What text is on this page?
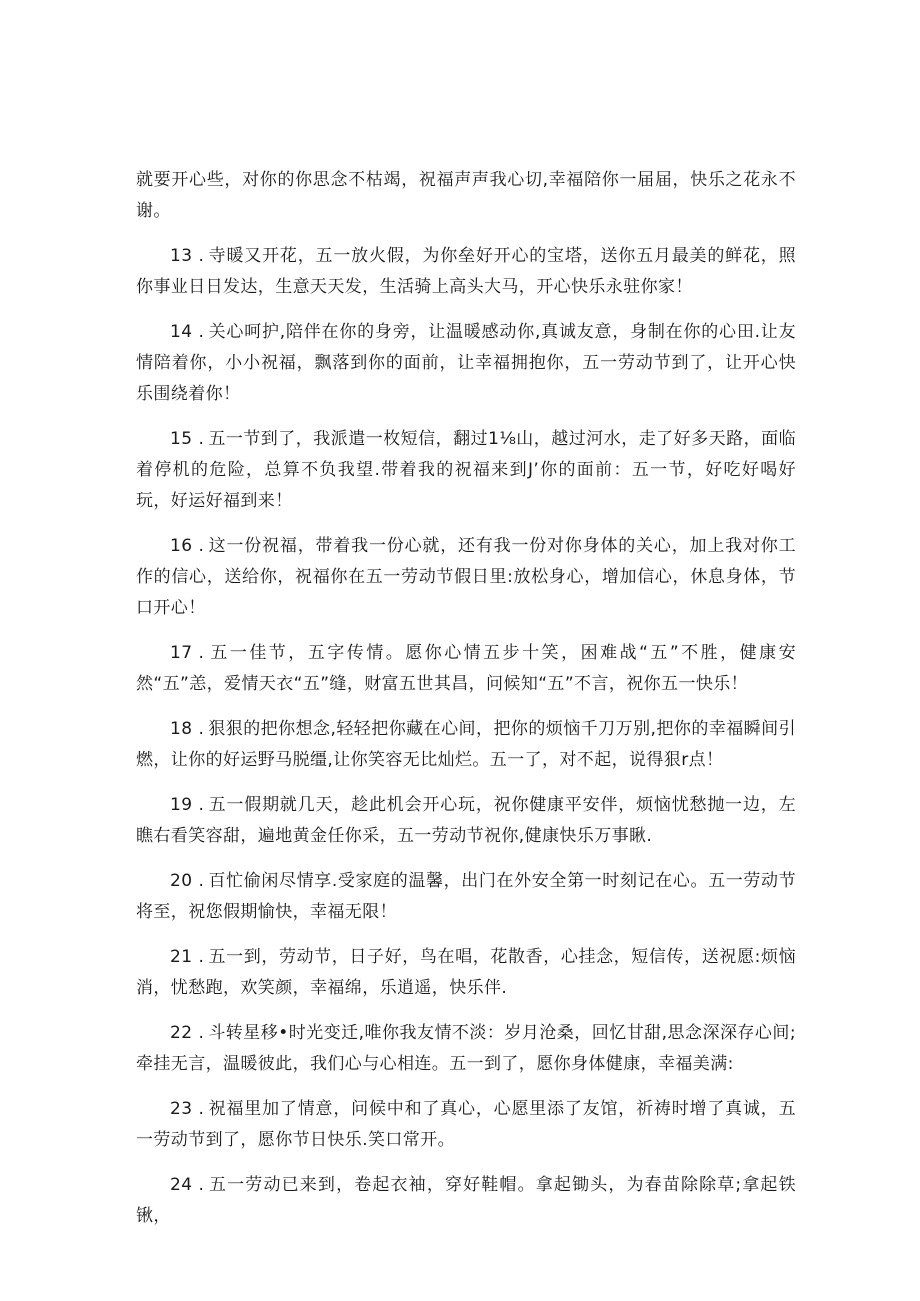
就要开心些，对你的你思念不枯竭，祝福声声我心切,幸福陪你一届届，快乐之花永不谢。

13 . 寺暖又开花，五一放火假，为你垒好开心的宝塔，送你五月最美的鲜花，照你事业日日发达，生意天天发，生活骑上高头大马，开心快乐永驻你家！

14 . 关心呵护,陪伴在你的身旁，让温暖感动你,真诚友意，身制在你的心田.让友情陪着你，小小祝福，飘落到你的面前，让幸福拥抱你，五一劳动节到了，让开心快乐围绕着你！

15 . 五一节到了，我派遣一枚短信，翻过1⅛山，越过河水，走了好多天路，面临着停机的危险，总算不负我望.带着我的祝福来到J’你的面前：五一节，好吃好喝好玩，好运好福到来！

16 . 这一份祝福，带着我一份心就，还有我一份对你身体的关心，加上我对你工作的信心，送给你，祝福你在五一劳动节假日里:放松身心，增加信心，休息身体，节口开心！

17 . 五一佳节，五字传情。愿你心情五步十笑，困难战“五”不胜，健康安然“五”恙，爱情天衣“五”缝，财富五世其昌，问候知“五”不言，祝你五一快乐！

18 . 狠狠的把你想念,轻轻把你藏在心间，把你的烦恼千刀万别,把你的幸福瞬间引燃，让你的好运野马脱缰,让你笑容无比灿烂。五一了，对不起，说得狠r点！

19 . 五一假期就几天，趁此机会开心玩，祝你健康平安伴，烦恼忧愁抛一边，左瞧右看笑容甜，遍地黄金任你采，五一劳动节祝你,健康快乐万事瞅.

20 . 百忙偷闲尽情享.受家庭的温馨，出门在外安全第一时刻记在心。五一劳动节将至，祝您假期愉快，幸福无限！

21 . 五一到，劳动节，日子好，鸟在唱，花散香，心挂念，短信传，送祝愿:烦恼消，忧愁跑，欢笑颜，幸福绵，乐逍遥，快乐伴.

22 . 斗转星移•时光变迁,唯你我友情不淡：岁月沧桑，回忆甘甜,思念深深存心间;牵挂无言，温暖彼此，我们心与心相连。五一到了，愿你身体健康，幸福美满:

23 . 祝福里加了情意，问候中和了真心，心愿里添了友馆，祈祷时增了真诚，五一劳动节到了，愿你节日快乐.笑口常开。

24 . 五一劳动已来到，卷起衣袖，穿好鞋帽。拿起锄头，为春苗除除草;拿起铁锹，
